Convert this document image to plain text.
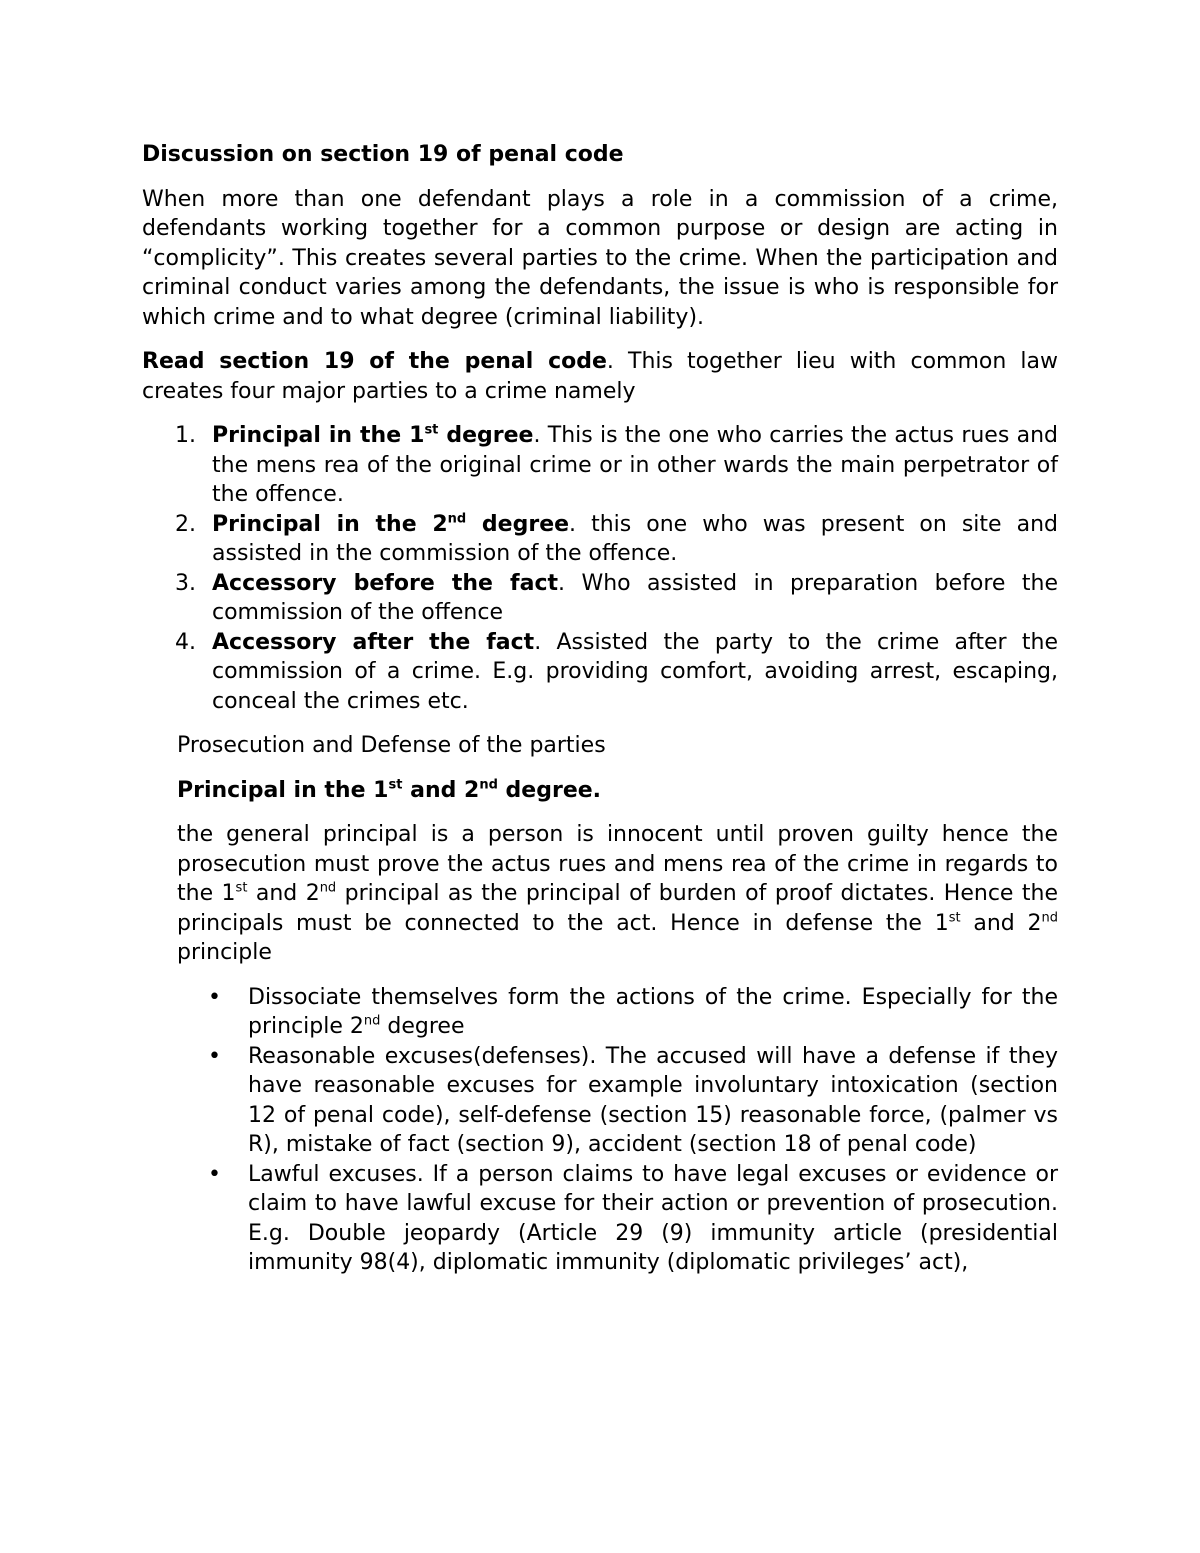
Discussion on section 19 of penal code

When more than one defendant plays a role in a commission of a crime, defendants working together for a common purpose or design are acting in “complicity”. This creates several parties to the crime. When the participation and criminal conduct varies among the defendants, the issue is who is responsible for which crime and to what degree (criminal liability).

Read section 19 of the penal code. This together lieu with common law creates four major parties to a crime namely

1. Principal in the 1st degree. This is the one who carries the actus rues and the mens rea of the original crime or in other wards the main perpetrator of the offence.
2. Principal in the 2nd degree. this one who was present on site and assisted in the commission of the offence.
3. Accessory before the fact. Who assisted in preparation before the commission of the offence
4. Accessory after the fact. Assisted the party to the crime after the commission of a crime. E.g. providing comfort, avoiding arrest, escaping, conceal the crimes etc.

Prosecution and Defense of the parties

Principal in the 1st and 2nd degree.

the general principal is a person is innocent until proven guilty hence the prosecution must prove the actus rues and mens rea of the crime in regards to the 1st and 2nd principal as the principal of burden of proof dictates. Hence the principals must be connected to the act. Hence in defense the 1st and 2nd principle

• Dissociate themselves form the actions of the crime. Especially for the principle 2nd degree
• Reasonable excuses(defenses). The accused will have a defense if they have reasonable excuses for example involuntary intoxication (section 12 of penal code), self-defense (section 15) reasonable force, (palmer vs R), mistake of fact (section 9), accident (section 18 of penal code)
• Lawful excuses. If a person claims to have legal excuses or evidence or claim to have lawful excuse for their action or prevention of prosecution. E.g. Double jeopardy (Article 29 (9) immunity article (presidential immunity 98(4), diplomatic immunity (diplomatic privileges’ act),
